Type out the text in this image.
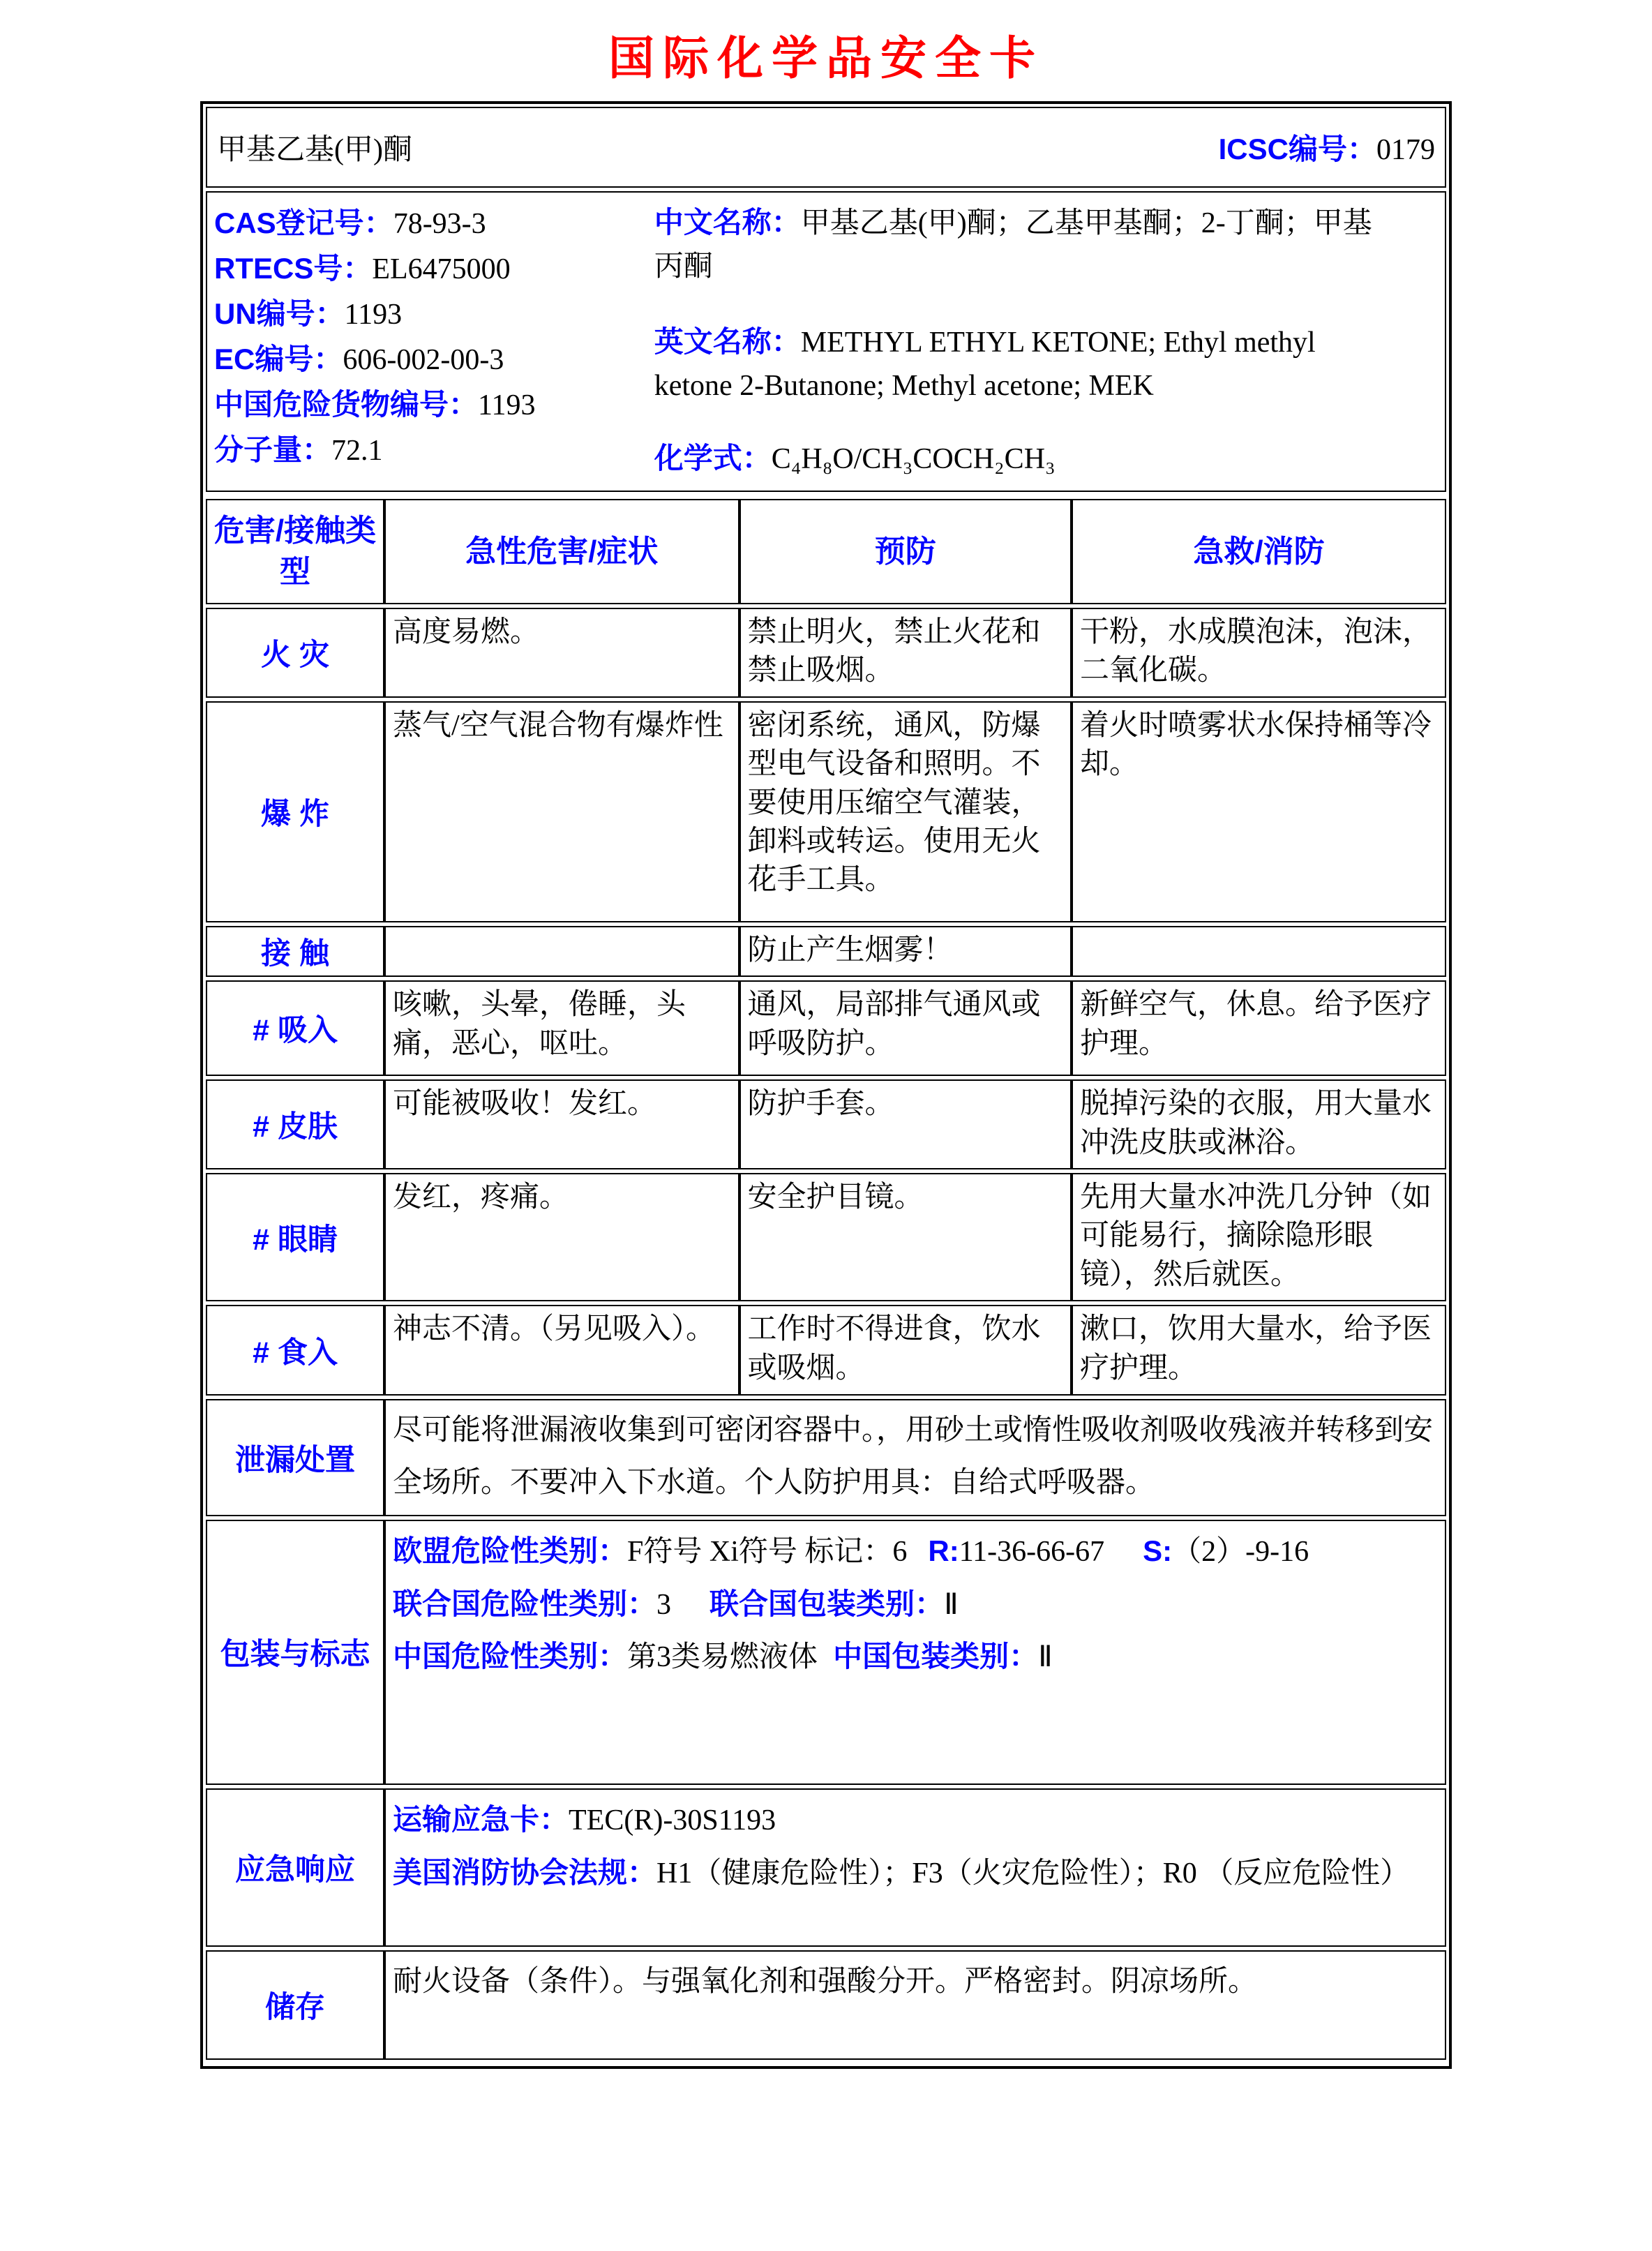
国际化学品安全卡
甲基乙基(甲)酮	ICSC编号：0179
CAS登记号：78-93-3
RTECS号：EL6475000
UN编号：1193
EC编号：606-002-00-3
中国危险货物编号：1193
分子量：72.1
中文名称：甲基乙基(甲)酮；乙基甲基酮；2-丁酮；甲基丙酮
英文名称：METHYL ETHYL KETONE; Ethyl methyl ketone 2-Butanone; Methyl acetone; MEK
化学式：C₄H₈O/CH₃COCH₂CH₃
危害/接触类型	急性危害/症状	预防	急救/消防
火 灾	高度易燃。	禁止明火，禁止火花和禁止吸烟。	干粉，水成膜泡沫，泡沫，二氧化碳。
爆 炸	蒸气/空气混合物有爆炸性	密闭系统，通风，防爆型电气设备和照明。不要使用压缩空气灌装，卸料或转运。使用无火花手工具。	着火时喷雾状水保持桶等冷却。
接 触		防止产生烟雾！	
# 吸入	咳嗽，头晕，倦睡，头痛，恶心，呕吐。	通风，局部排气通风或呼吸防护。	新鲜空气，休息。给予医疗护理。
# 皮肤	可能被吸收！发红。	防护手套。	脱掉污染的衣服，用大量水冲洗皮肤或淋浴。
# 眼睛	发红，疼痛。	安全护目镜。	先用大量水冲洗几分钟（如可能易行，摘除隐形眼镜），然后就医。
# 食入	神志不清。（另见吸入）。	工作时不得进食，饮水或吸烟。	漱口，饮用大量水，给予医疗护理。
泄漏处置	尽可能将泄漏液收集到可密闭容器中。，用砂土或惰性吸收剂吸收残液并转移到安全场所。不要冲入下水道。个人防护用具：自给式呼吸器。		
包装与标志	欧盟危险性类别：F符号 Xi符号 标记：6 R:11-36-66-67 S:（2）-9-16
联合国危险性类别：3 联合国包装类别：Ⅱ
中国危险性类别：第3类易燃液体 中国包装类别：Ⅱ		

应急响应	运输应急卡：TEC(R)-30S1193
美国消防协会法规：H1（健康危险性）；F3（火灾危险性）；R0 （反应危险性）		

储存	耐火设备（条件）。与强氧化剂和强酸分开。严格密封。阴凉场所。		
